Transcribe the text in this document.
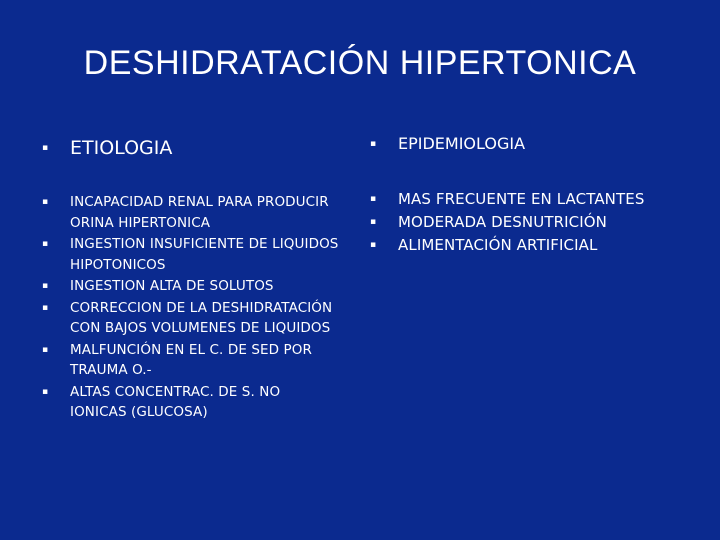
DESHIDRATACIÓN HIPERTONICA
▪ ETIOLOGIA
▪ INCAPACIDAD RENAL PARA PRODUCIR ORINA HIPERTONICA
▪ INGESTION INSUFICIENTE DE LIQUIDOS HIPOTONICOS
▪ INGESTION ALTA DE SOLUTOS
▪ CORRECCION DE LA DESHIDRATACIÓN CON BAJOS VOLUMENES DE LIQUIDOS
▪ MALFUNCIÓN EN EL C. DE SED POR TRAUMA O.-
▪ ALTAS CONCENTRAC. DE S. NO IONICAS (GLUCOSA)
▪ EPIDEMIOLOGIA
▪ MAS FRECUENTE EN LACTANTES
▪ MODERADA DESNUTRICIÓN
▪ ALIMENTACIÓN ARTIFICIAL
